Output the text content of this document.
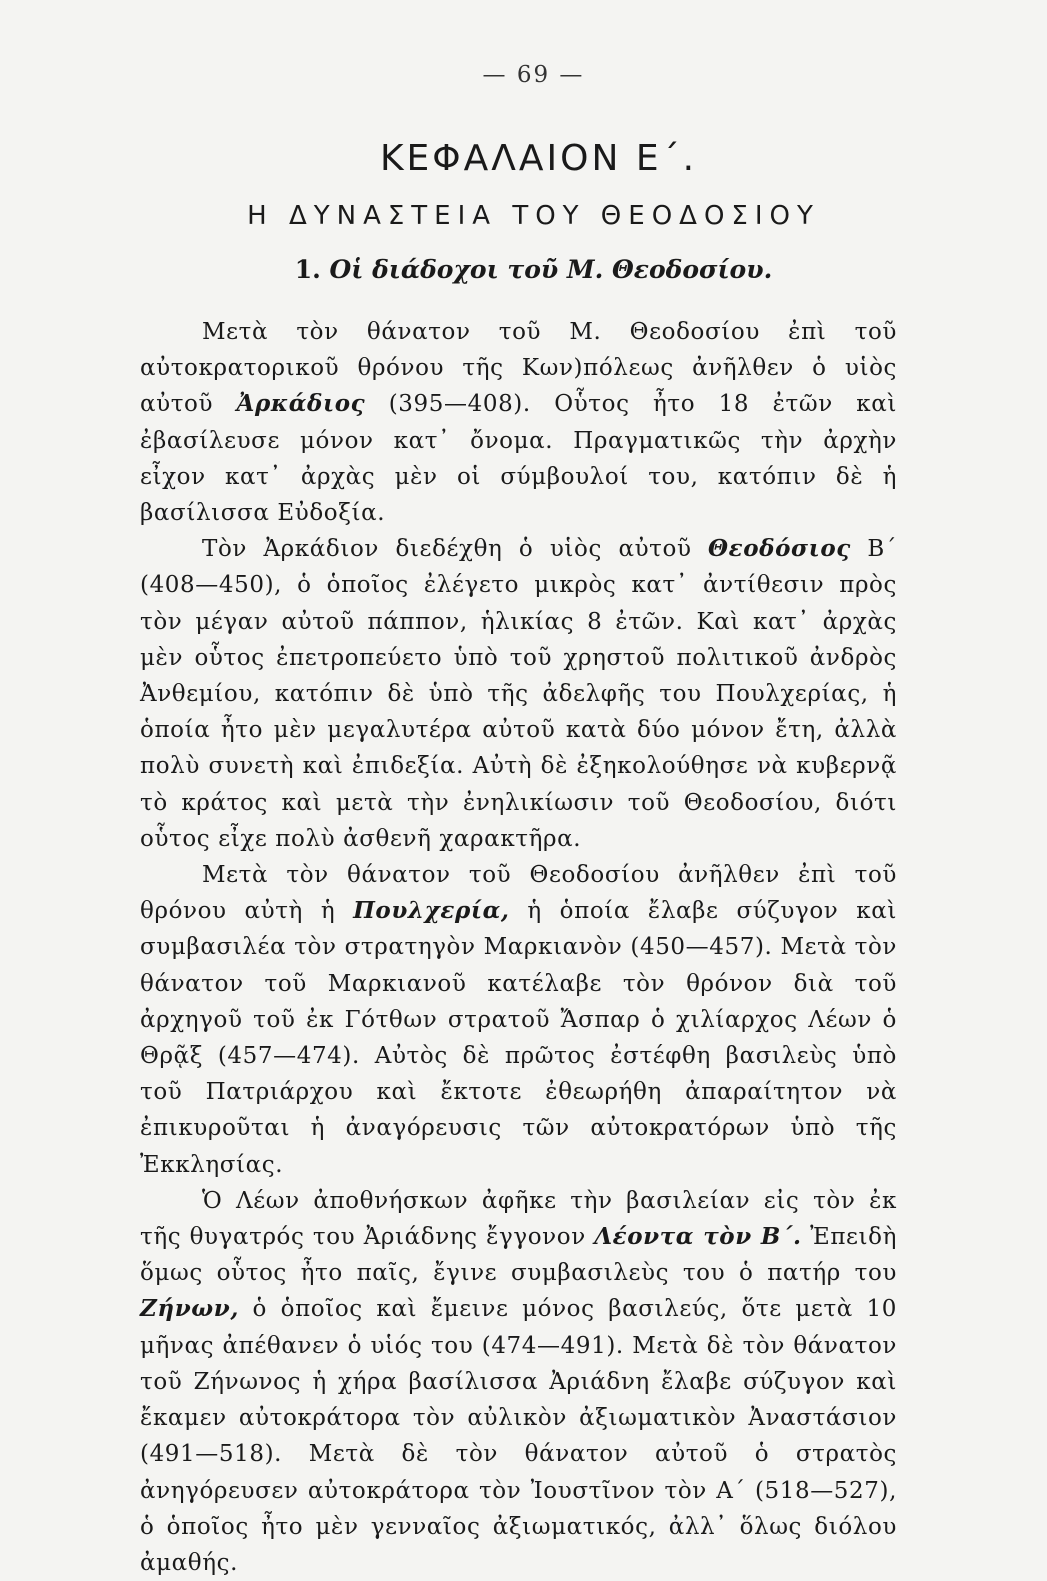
— 69 —
ΚΕΦΑΛΑΙΟΝ Ε΄.
Η ΔΥΝΑΣΤΕΙΑ ΤΟΥ ΘΕΟΔΟΣΙΟΥ
1. Οἱ διάδοχοι τοῦ Μ. Θεοδοσίου.

Μετὰ τὸν θάνατον τοῦ Μ. Θεοδοσίου ἐπὶ τοῦ αὐτοκρατορικοῦ θρόνου τῆς Κων)πόλεως ἀνῆλθεν ὁ υἱὸς αὐτοῦ Ἀρκάδιος (395—408). Οὗτος ἦτο 18 ἐτῶν καὶ ἐβασίλευσε μόνον κατ᾽ ὄνομα. Πραγματικῶς τὴν ἀρχὴν εἶχον κατ᾽ ἀρχὰς μὲν οἱ σύμβουλοί του, κατόπιν δὲ ἡ βασίλισσα Εὐδοξία.

Τὸν Ἀρκάδιον διεδέχθη ὁ υἱὸς αὐτοῦ Θεοδόσιος Β΄ (408—450), ὁ ὁποῖος ἐλέγετο μικρὸς κατ᾽ ἀντίθεσιν πρὸς τὸν μέγαν αὐτοῦ πάππον, ἡλικίας 8 ἐτῶν. Καὶ κατ᾽ ἀρχὰς μὲν οὗτος ἐπετροπεύετο ὑπὸ τοῦ χρηστοῦ πολιτικοῦ ἀνδρὸς Ἀνθεμίου, κατόπιν δὲ ὑπὸ τῆς ἀδελφῆς του Πουλχερίας, ἡ ὁποία ἦτο μὲν μεγαλυτέρα αὐτοῦ κατὰ δύο μόνον ἔτη, ἀλλὰ πολὺ συνετὴ καὶ ἐπιδεξία. Αὐτὴ δὲ ἐξηκολούθησε νὰ κυβερνᾷ τὸ κράτος καὶ μετὰ τὴν ἐνηλικίωσιν τοῦ Θεοδοσίου, διότι οὗτος εἶχε πολὺ ἀσθενῆ χαρακτῆρα.

Μετὰ τὸν θάνατον τοῦ Θεοδοσίου ἀνῆλθεν ἐπὶ τοῦ θρόνου αὐτὴ ἡ Πουλχερία, ἡ ὁποία ἔλαβε σύζυγον καὶ συμβασιλέα τὸν στρατηγὸν Μαρκιανὸν (450—457). Μετὰ τὸν θάνατον τοῦ Μαρκιανοῦ κατέλαβε τὸν θρόνον διὰ τοῦ ἀρχηγοῦ τοῦ ἐκ Γότθων στρατοῦ Ἄσπαρ ὁ χιλίαρχος Λέων ὁ Θρᾷξ (457—474). Αὐτὸς δὲ πρῶτος ἐστέφθη βασιλεὺς ὑπὸ τοῦ Πατριάρχου καὶ ἔκτοτε ἐθεωρήθη ἀπαραίτητον νὰ ἐπικυροῦται ἡ ἀναγόρευσις τῶν αὐτοκρατόρων ὑπὸ τῆς Ἐκκλησίας.

Ὁ Λέων ἀποθνήσκων ἀφῆκε τὴν βασιλείαν εἰς τὸν ἐκ τῆς θυγατρός του Ἀριάδνης ἔγγονον Λέοντα τὸν Β΄. Ἐπειδὴ ὅμως οὗτος ἦτο παῖς, ἔγινε συμβασιλεὺς του ὁ πατήρ του Ζήνων, ὁ ὁποῖος καὶ ἔμεινε μόνος βασιλεύς, ὅτε μετὰ 10 μῆνας ἀπέθανεν ὁ υἱός του (474—491). Μετὰ δὲ τὸν θάνατον τοῦ Ζήνωνος ἡ χήρα βασίλισσα Ἀριάδνη ἔλαβε σύζυγον καὶ ἔκαμεν αὐτοκράτορα τὸν αὐλικὸν ἀξιωματικὸν Ἀναστάσιον (491—518). Μετὰ δὲ τὸν θάνατον αὐτοῦ ὁ στρατὸς ἀνηγόρευσεν αὐτοκράτορα τὸν Ἰουστῖνον τὸν Α΄ (518—527), ὁ ὁποῖος ἦτο μὲν γενναῖος ἀξιωματικός, ἀλλ᾽ ὅλως διόλου ἀμαθής.
